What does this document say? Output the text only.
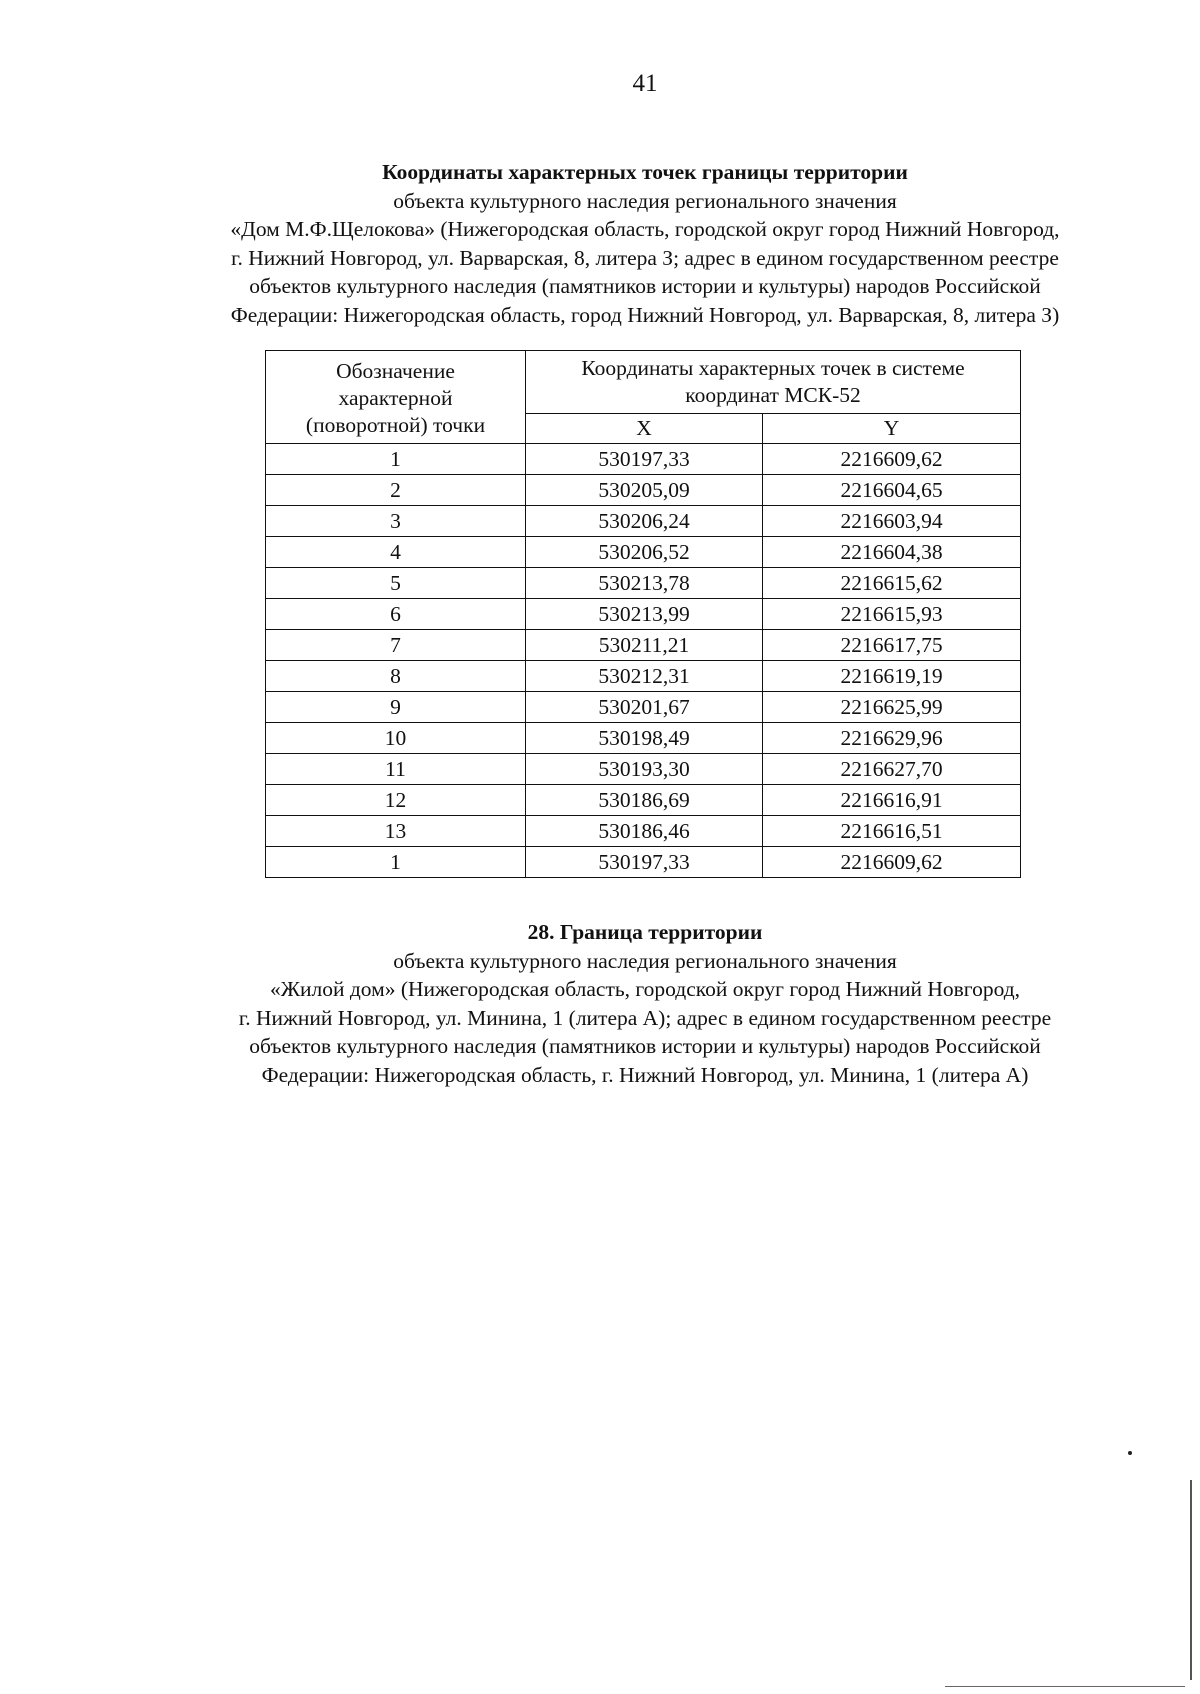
41
Координаты характерных точек границы территории
объекта культурного наследия регионального значения
«Дом М.Ф.Щелокова» (Нижегородская область, городской округ город Нижний Новгород,
г. Нижний Новгород, ул. Варварская, 8, литера З; адрес в едином государственном реестре
объектов культурного наследия (памятников истории и культуры) народов Российской
Федерации: Нижегородская область, город Нижний Новгород, ул. Варварская, 8, литера З)
Обозначение
характерной
(поворотной) точки	Координаты характерных точек в системе
координат МСК-52	

	X	Y
1	530197,33	2216609,62
2	530205,09	2216604,65
3	530206,24	2216603,94
4	530206,52	2216604,38
5	530213,78	2216615,62
6	530213,99	2216615,93
7	530211,21	2216617,75
8	530212,31	2216619,19
9	530201,67	2216625,99
10	530198,49	2216629,96
11	530193,30	2216627,70
12	530186,69	2216616,91
13	530186,46	2216616,51
1	530197,33	2216609,62
28. Граница территории
объекта культурного наследия регионального значения
«Жилой дом» (Нижегородская область, городской округ город Нижний Новгород,
г. Нижний Новгород, ул. Минина, 1 (литера А); адрес в едином государственном реестре
объектов культурного наследия (памятников истории и культуры) народов Российской
Федерации: Нижегородская область, г. Нижний Новгород, ул. Минина, 1 (литера А)
